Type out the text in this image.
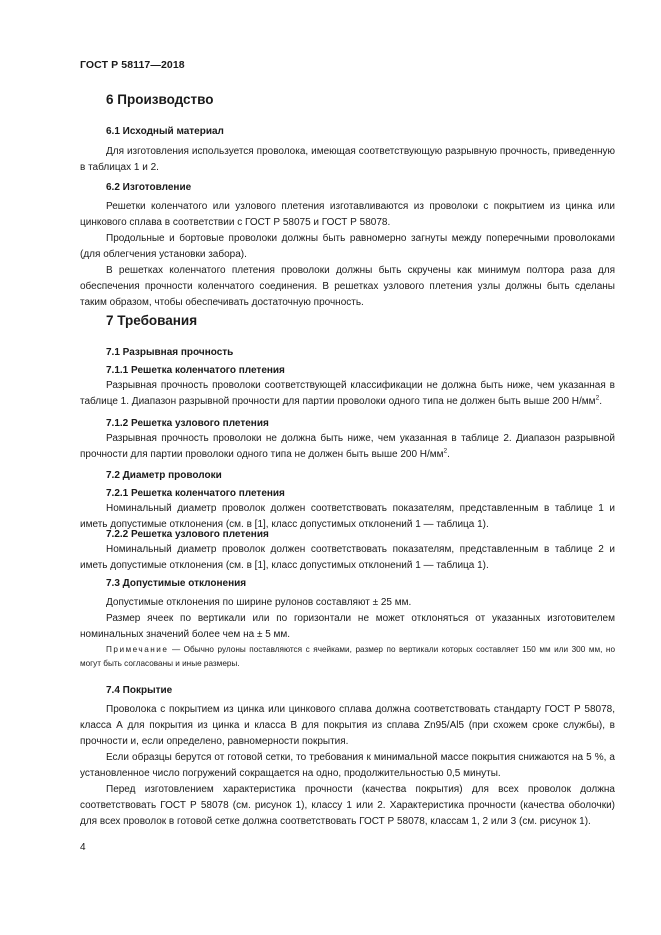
ГОСТ Р 58117—2018
6 Производство
6.1 Исходный материал
Для изготовления используется проволока, имеющая соответствующую разрывную прочность, приведенную в таблицах 1 и 2.
6.2 Изготовление
Решетки коленчатого или узлового плетения изготавливаются из проволоки с покрытием из цинка или цинкового сплава в соответствии с ГОСТ Р 58075 и ГОСТ Р 58078.
Продольные и бортовые проволоки должны быть равномерно загнуты между поперечными проволоками (для облегчения установки забора).
В решетках коленчатого плетения проволоки должны быть скручены как минимум полтора раза для обеспечения прочности коленчатого соединения. В решетках узлового плетения узлы должны быть сделаны таким образом, чтобы обеспечивать достаточную прочность.
7 Требования
7.1 Разрывная прочность
7.1.1 Решетка коленчатого плетения
Разрывная прочность проволоки соответствующей классификации не должна быть ниже, чем указанная в таблице 1. Диапазон разрывной прочности для партии проволоки одного типа не должен быть выше 200 $Н/мм^2$.
7.1.2 Решетка узлового плетения
Разрывная прочность проволоки не должна быть ниже, чем указанная в таблице 2. Диапазон разрывной прочности для партии проволоки одного типа не должен быть выше 200 $Н/мм^2$.
7.2 Диаметр проволоки
7.2.1 Решетка коленчатого плетения
Номинальный диаметр проволок должен соответствовать показателям, представленным в таблице 1 и иметь допустимые отклонения (см. в [1], класс допустимых отклонений 1 — таблица 1).
7.2.2 Решетка узлового плетения
Номинальный диаметр проволок должен соответствовать показателям, представленным в таблице 2 и иметь допустимые отклонения (см. в [1], класс допустимых отклонений 1 — таблица 1).
7.3 Допустимые отклонения
Допустимые отклонения по ширине рулонов составляют ± 25 мм.
Размер ячеек по вертикали или по горизонтали не может отклоняться от указанных изготовителем номинальных значений более чем на ± 5 мм.
Примечание — Обычно рулоны поставляются с ячейками, размер по вертикали которых составляет 150 мм или 300 мм, но могут быть согласованы и иные размеры.
7.4 Покрытие
Проволока с покрытием из цинка или цинкового сплава должна соответствовать стандарту ГОСТ Р 58078, класса А для покрытия из цинка и класса В для покрытия из сплава Zn95/Al5 (при схожем сроке службы), в прочности и, если определено, равномерности покрытия.
Если образцы берутся от готовой сетки, то требования к минимальной массе покрытия снижаются на 5 %, а установленное число погружений сокращается на одно, продолжительностью 0,5 минуты.
Перед изготовлением характеристика прочности (качества покрытия) для всех проволок должна соответствовать ГОСТ Р 58078 (см. рисунок 1), классу 1 или 2. Характеристика прочности (качества оболочки) для всех проволок в готовой сетке должна соответствовать ГОСТ Р 58078, классам 1, 2 или 3 (см. рисунок 1).
4
